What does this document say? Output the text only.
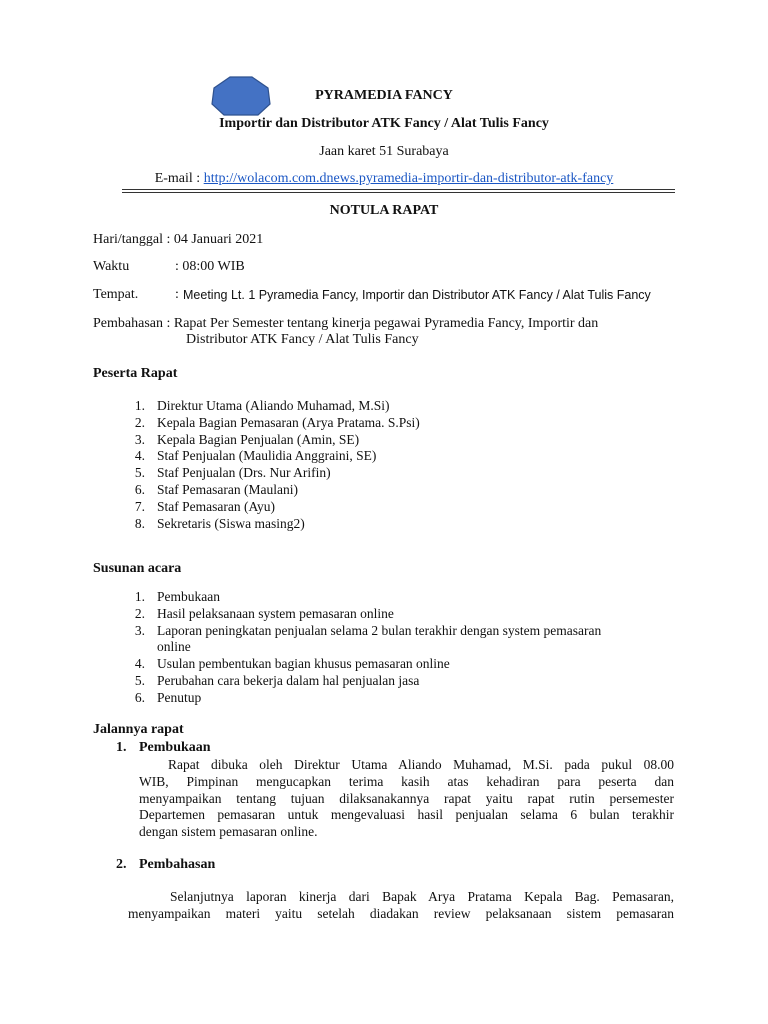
PYRAMEDIA FANCY
Importir dan Distributor ATK Fancy / Alat Tulis Fancy
Jaan karet 51 Surabaya
E-mail : http://wolacom.com.dnews.pyramedia-importir-dan-distributor-atk-fancy
NOTULA RAPAT
Hari/tanggal : 04 Januari 2021
Waktu	: 08:00 WIB
Tempat.	: Meeting Lt. 1 Pyramedia Fancy, Importir dan Distributor ATK Fancy / Alat Tulis Fancy
Pembahasan : Rapat Per Semester tentang kinerja pegawai Pyramedia Fancy, Importir dan
Distributor ATK Fancy / Alat Tulis Fancy
Peserta Rapat
1. Direktur Utama (Aliando Muhamad, M.Si)
2. Kepala Bagian Pemasaran (Arya Pratama. S.Psi)
3. Kepala Bagian Penjualan (Amin, SE)
4. Staf Penjualan (Maulidia Anggraini, SE)
5. Staf Penjualan (Drs. Nur Arifin)
6. Staf Pemasaran (Maulani)
7. Staf Pemasaran (Ayu)
8. Sekretaris (Siswa masing2)
Susunan acara
1. Pembukaan
2. Hasil pelaksanaan system pemasaran online
3. Laporan peningkatan penjualan selama 2 bulan terakhir dengan system pemasaran
online
4. Usulan pembentukan bagian khusus pemasaran online
5. Perubahan cara bekerja dalam hal penjualan jasa
6. Penutup
Jalannya rapat
1. Pembukaan
Rapat dibuka oleh Direktur Utama Aliando Muhamad, M.Si. pada pukul 08.00
WIB, Pimpinan mengucapkan terima kasih atas kehadiran para peserta dan
menyampaikan tentang tujuan dilaksanakannya rapat yaitu rapat rutin persemester
Departemen pemasaran untuk mengevaluasi hasil penjualan selama 6 bulan terakhir
dengan sistem pemasaran online.
2. Pembahasan
Selanjutnya laporan kinerja dari Bapak Arya Pratama Kepala Bag. Pemasaran,
menyampaikan materi yaitu setelah diadakan review pelaksanaan sistem pemasaran
